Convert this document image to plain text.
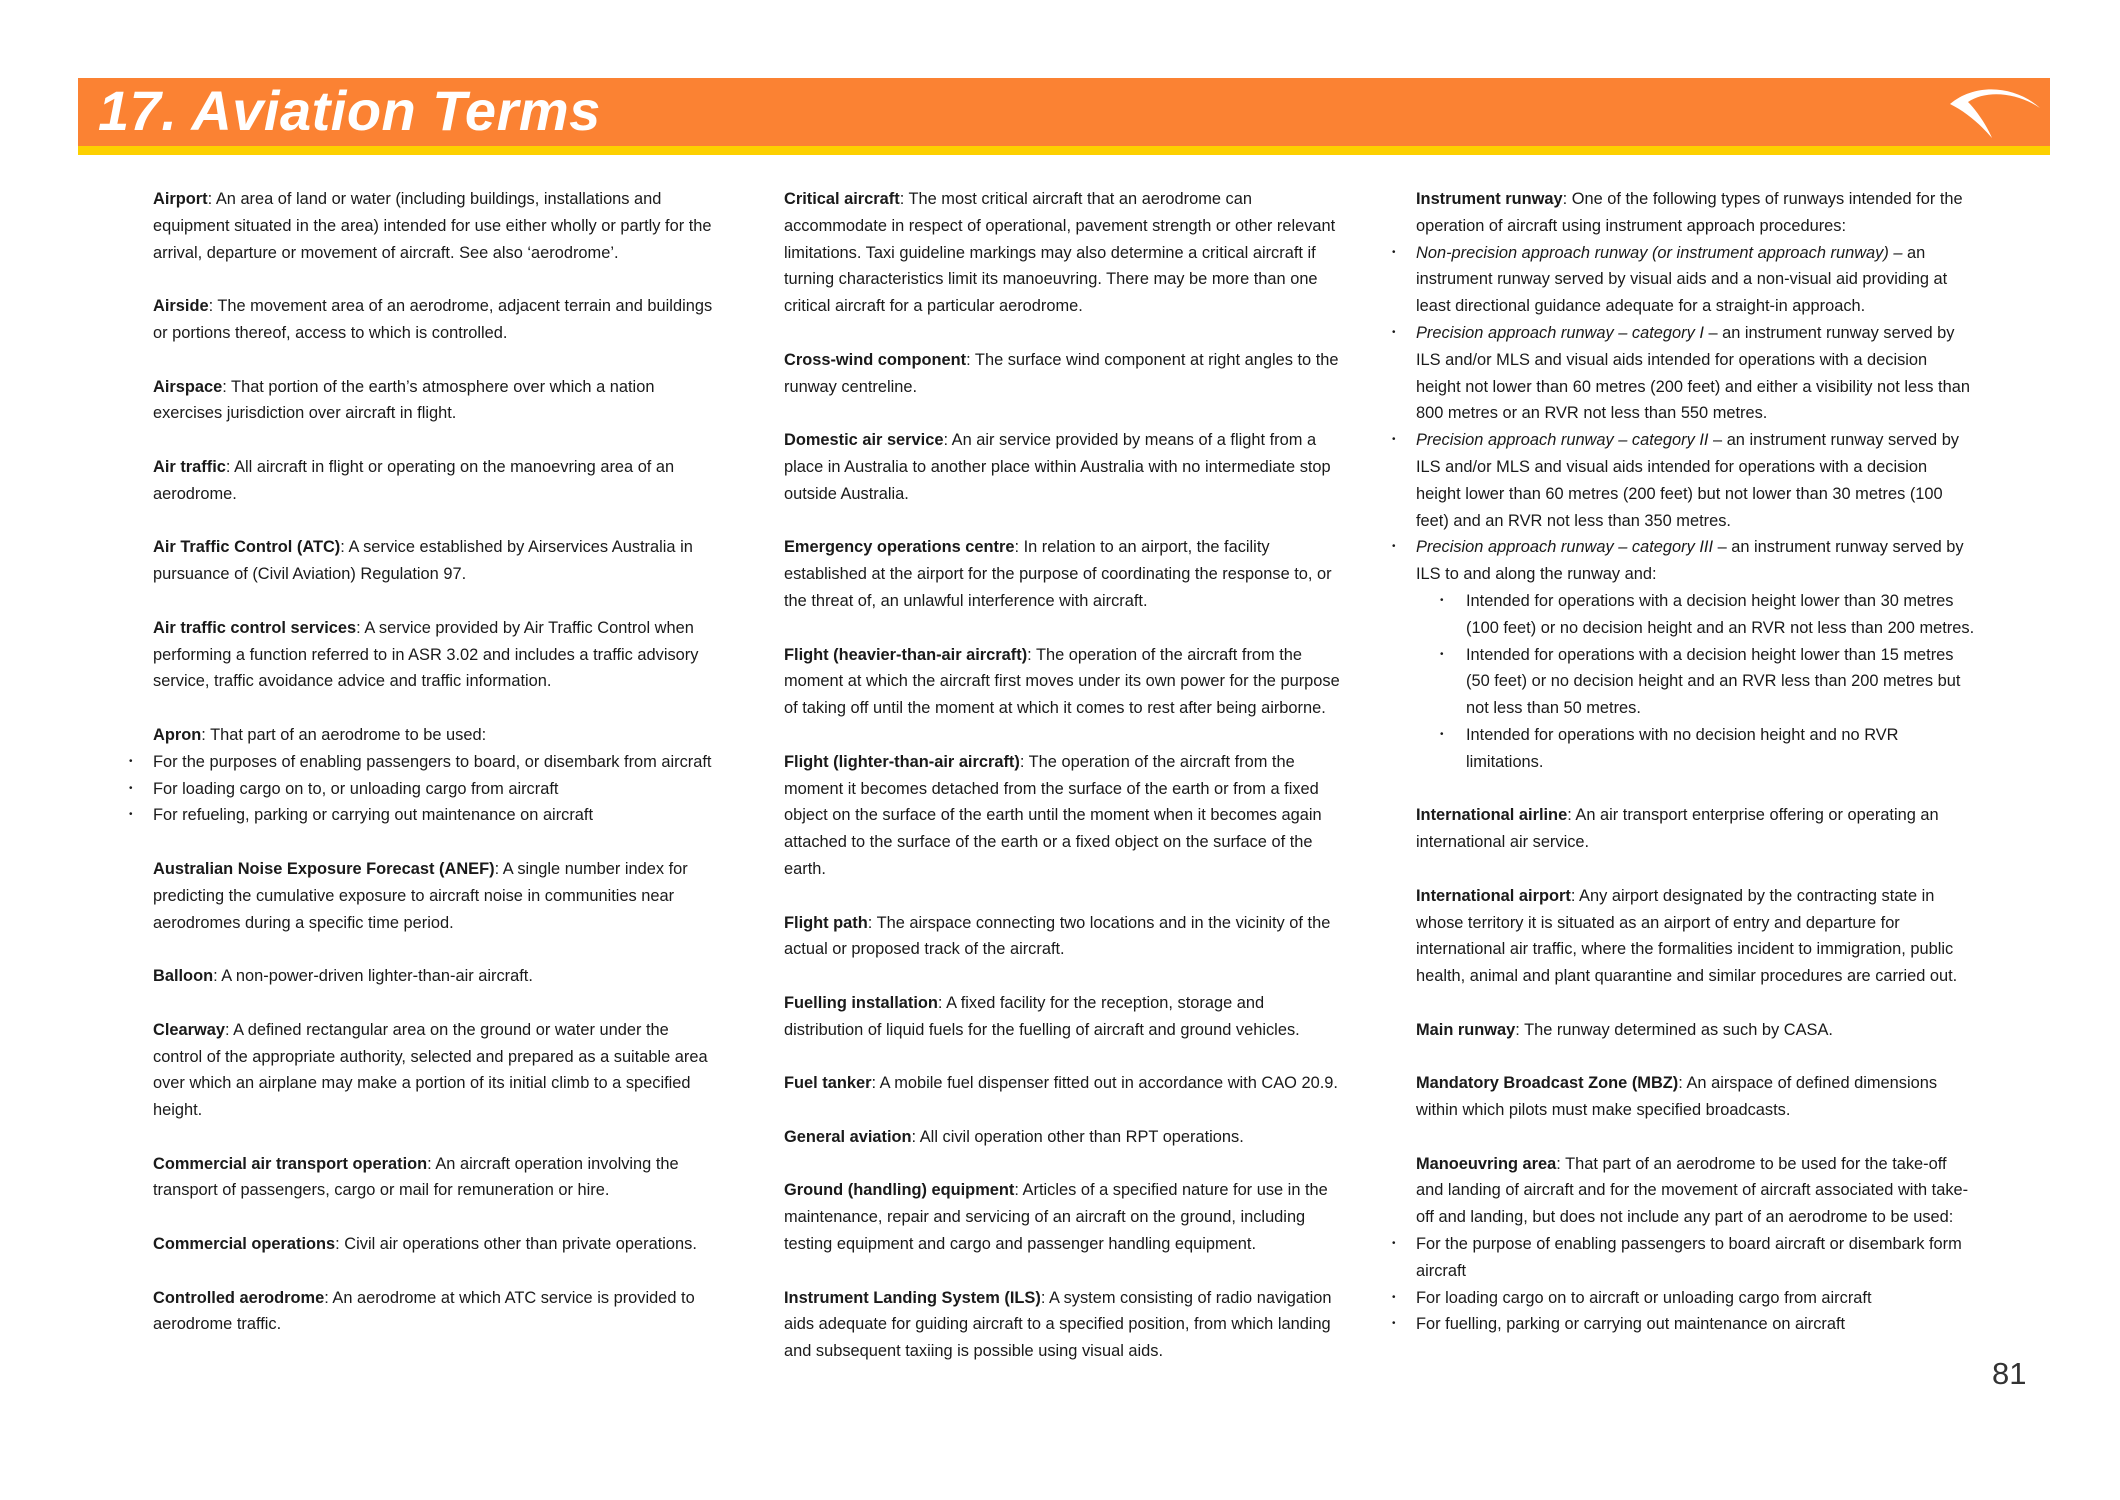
17. Aviation Terms

Airport: An area of land or water (including buildings, installations and equipment situated in the area) intended for use either wholly or partly for the arrival, departure or movement of aircraft. See also ‘aerodrome’.

Airside: The movement area of an aerodrome, adjacent terrain and buildings or portions thereof, access to which is controlled.

Airspace: That portion of the earth’s atmosphere over which a nation exercises jurisdiction over aircraft in flight.

Air traffic: All aircraft in flight or operating on the manoevring area of an aerodrome.

Air Traffic Control (ATC): A service established by Airservices Australia in pursuance of (Civil Aviation) Regulation 97.

Air traffic control services: A service provided by Air Traffic Control when performing a function referred to in ASR 3.02 and includes a traffic advisory service, traffic avoidance advice and traffic information.

Apron: That part of an aerodrome to be used:

• For the purposes of enabling passengers to board, or disembark from aircraft
• For loading cargo on to, or unloading cargo from aircraft
• For refueling, parking or carrying out maintenance on aircraft

Australian Noise Exposure Forecast (ANEF): A single number index for predicting the cumulative exposure to aircraft noise in communities near aerodromes during a specific time period.

Balloon: A non-power-driven lighter-than-air aircraft.

Clearway: A defined rectangular area on the ground or water under the control of the appropriate authority, selected and prepared as a suitable area over which an airplane may make a portion of its initial climb to a specified height.

Commercial air transport operation: An aircraft operation involving the transport of passengers, cargo or mail for remuneration or hire.

Commercial operations: Civil air operations other than private operations.

Controlled aerodrome: An aerodrome at which ATC service is provided to aerodrome traffic.

Critical aircraft: The most critical aircraft that an aerodrome can accommodate in respect of operational, pavement strength or other relevant limitations. Taxi guideline markings may also determine a critical aircraft if turning characteristics limit its manoeuvring. There may be more than one critical aircraft for a particular aerodrome.

Cross-wind component: The surface wind component at right angles to the runway centreline.

Domestic air service: An air service provided by means of a flight from a place in Australia to another place within Australia with no intermediate stop outside Australia.

Emergency operations centre: In relation to an airport, the facility established at the airport for the purpose of coordinating the response to, or the threat of, an unlawful interference with aircraft.

Flight (heavier-than-air aircraft): The operation of the aircraft from the moment at which the aircraft first moves under its own power for the purpose of taking off until the moment at which it comes to rest after being airborne.

Flight (lighter-than-air aircraft): The operation of the aircraft from the moment it becomes detached from the surface of the earth or from a fixed object on the surface of the earth until the moment when it becomes again attached to the surface of the earth or a fixed object on the surface of the earth.

Flight path: The airspace connecting two locations and in the vicinity of the actual or proposed track of the aircraft.

Fuelling installation: A fixed facility for the reception, storage and distribution of liquid fuels for the fuelling of aircraft and ground vehicles.

Fuel tanker: A mobile fuel dispenser fitted out in accordance with CAO 20.9.

General aviation: All civil operation other than RPT operations.

Ground (handling) equipment: Articles of a specified nature for use in the maintenance, repair and servicing of an aircraft on the ground, including testing equipment and cargo and passenger handling equipment.

Instrument Landing System (ILS): A system consisting of radio navigation aids adequate for guiding aircraft to a specified position, from which landing and subsequent taxiing is possible using visual aids.

Instrument runway: One of the following types of runways intended for the operation of aircraft using instrument approach procedures:

• Non-precision approach runway (or instrument approach runway) – an instrument runway served by visual aids and a non-visual aid providing at least directional guidance adequate for a straight-in approach.
• Precision approach runway – category I – an instrument runway served by ILS and/or MLS and visual aids intended for operations with a decision height not lower than 60 metres (200 feet) and either a visibility not less than 800 metres or an RVR not less than 550 metres.
• Precision approach runway – category II – an instrument runway served by ILS and/or MLS and visual aids intended for operations with a decision height lower than 60 metres (200 feet) but not lower than 30 metres (100 feet) and an RVR not less than 350 metres.
• Precision approach runway – category III – an instrument runway served by ILS to and along the runway and:
• Intended for operations with a decision height lower than 30 metres (100 feet) or no decision height and an RVR not less than 200 metres.
• Intended for operations with a decision height lower than 15 metres (50 feet) or no decision height and an RVR less than 200 metres but not less than 50 metres.
• Intended for operations with no decision height and no RVR limitations.

International airline: An air transport enterprise offering or operating an international air service.

International airport: Any airport designated by the contracting state in whose territory it is situated as an airport of entry and departure for international air traffic, where the formalities incident to immigration, public health, animal and plant quarantine and similar procedures are carried out.

Main runway: The runway determined as such by CASA.

Mandatory Broadcast Zone (MBZ): An airspace of defined dimensions within which pilots must make specified broadcasts.

Manoeuvring area: That part of an aerodrome to be used for the take-off and landing of aircraft and for the movement of aircraft associated with take-off and landing, but does not include any part of an aerodrome to be used:

• For the purpose of enabling passengers to board aircraft or disembark form aircraft
• For loading cargo on to aircraft or unloading cargo from aircraft
• For fuelling, parking or carrying out maintenance on aircraft
81
